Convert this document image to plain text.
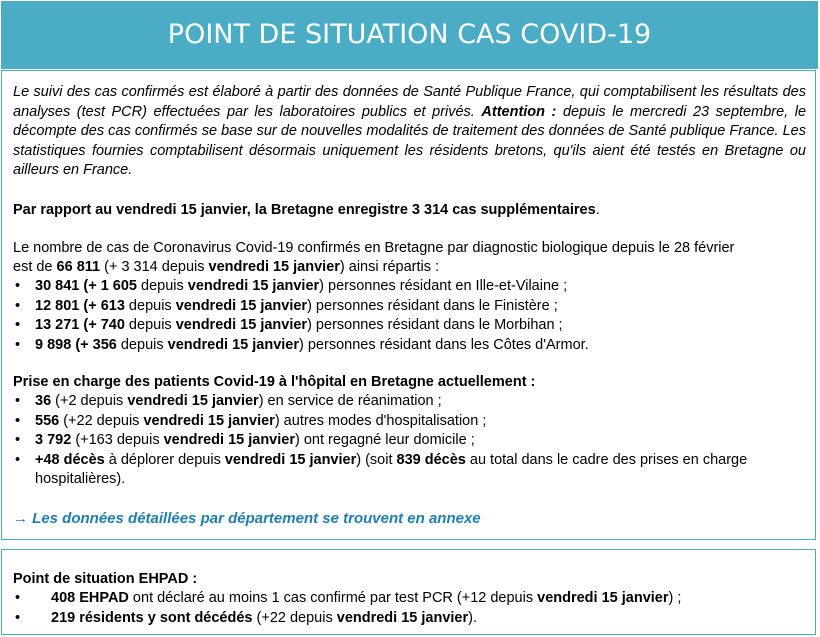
POINT DE SITUATION CAS COVID-19
Le suivi des cas confirmés est élaboré à partir des données de Santé Publique France, qui comptabilisent les résultats des analyses (test PCR) effectuées par les laboratoires publics et privés. Attention : depuis le mercredi 23 septembre, le décompte des cas confirmés se base sur de nouvelles modalités de traitement des données de Santé publique France. Les statistiques fournies comptabilisent désormais uniquement les résidents bretons, qu'ils aient été testés en Bretagne ou ailleurs en France.
Par rapport au vendredi 15 janvier, la Bretagne enregistre 3 314 cas supplémentaires.
Le nombre de cas de Coronavirus Covid-19 confirmés en Bretagne par diagnostic biologique depuis le 28 février
est de 66 811 (+ 3 314 depuis vendredi 15 janvier) ainsi répartis :
• 30 841 (+ 1 605 depuis vendredi 15 janvier) personnes résidant en Ille-et-Vilaine ;
• 12 801 (+ 613 depuis vendredi 15 janvier) personnes résidant dans le Finistère ;
• 13 271 (+ 740 depuis vendredi 15 janvier) personnes résidant dans le Morbihan ;
• 9 898 (+ 356 depuis vendredi 15 janvier) personnes résidant dans les Côtes d'Armor.
Prise en charge des patients Covid-19 à l'hôpital en Bretagne actuellement :
• 36 (+2 depuis vendredi 15 janvier) en service de réanimation ;
• 556 (+22 depuis vendredi 15 janvier) autres modes d'hospitalisation ;
• 3 792 (+163 depuis vendredi 15 janvier) ont regagné leur domicile ;
• +48 décès à déplorer depuis vendredi 15 janvier) (soit 839 décès au total dans le cadre des prises en charge hospitalières).
→ Les données détaillées par département se trouvent en annexe
Point de situation EHPAD :
• 408 EHPAD ont déclaré au moins 1 cas confirmé par test PCR (+12 depuis vendredi 15 janvier) ;
• 219 résidents y sont décédés (+22 depuis vendredi 15 janvier).
